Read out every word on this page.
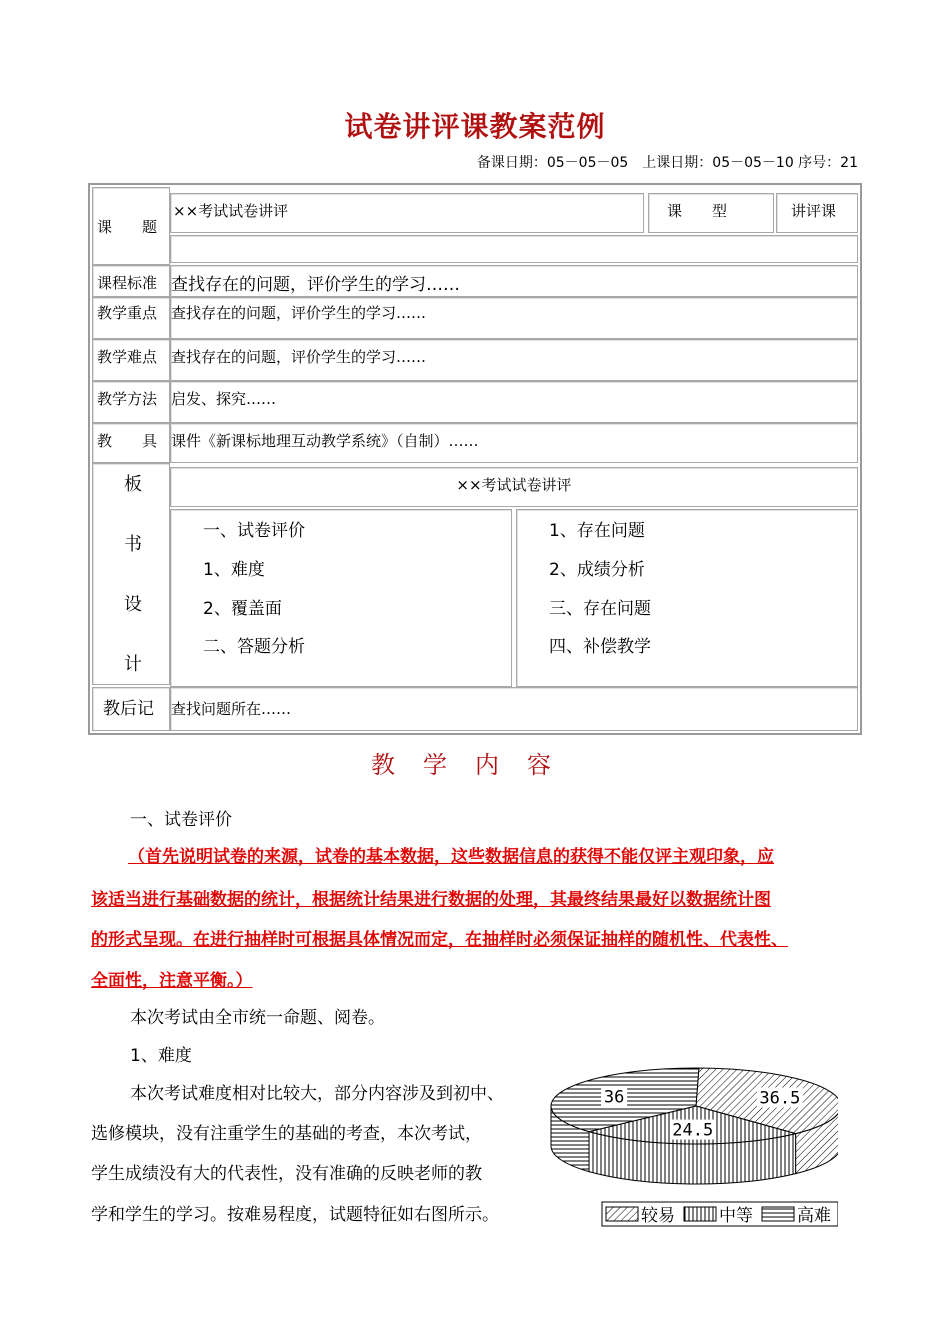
试卷讲评课教案范例
备课日期：05－05－05　上课日期：05－05－10 序号：21
课　　题
××考试试卷讲评	课　　型	讲评课
课程标准 查找存在的问题，评价学生的学习……
教学重点 查找存在的问题，评价学生的学习……
教学难点 查找存在的问题，评价学生的学习……
教学方法 启发、探究……
教　　具 课件《新课标地理互动教学系统》（自制）……
板
书
设
计
××考试试卷讲评
一、试卷评价
1、难度
2、覆盖面
二、答题分析
1、存在问题
2、成绩分析
三、存在问题
四、补偿教学
教后记 查找问题所在……
教学内容
一、试卷评价
（首先说明试卷的来源，试卷的基本数据，这些数据信息的获得不能仅评主观印象，应
该适当进行基础数据的统计，根据统计结果进行数据的处理，其最终结果最好以数据统计图
的形式呈现。在进行抽样时可根据具体情况而定，在抽样时必须保证抽样的随机性、代表性、
全面性，注意平衡。）
本次考试由全市统一命题、阅卷。
1、难度
本次考试难度相对比较大，部分内容涉及到初中、
选修模块，没有注重学生的基础的考查，本次考试，
学生成绩没有大的代表性，没有准确的反映老师的教
学和学生的学习。按难易程度，试题特征如右图所示。
36.5
24.5
36
较易	中等	高难
